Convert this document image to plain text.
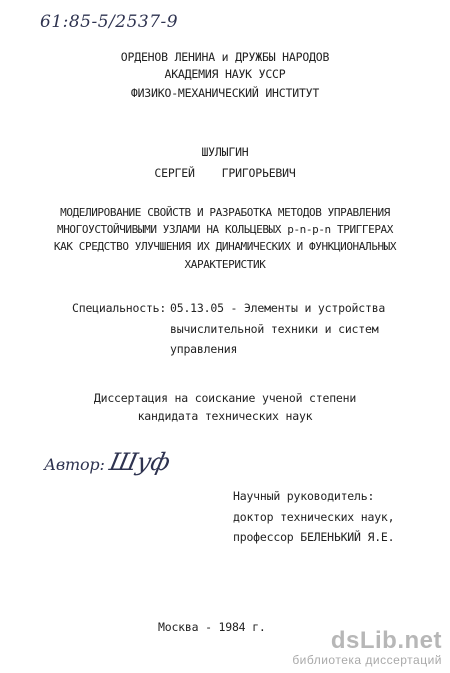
61:85-5/2537-9
ОРДЕНОВ ЛЕНИНА и ДРУЖБЫ НАРОДОВ
АКАДЕМИЯ НАУК УССР
ФИЗИКО-МЕХАНИЧЕСКИЙ ИНСТИТУТ
ШУЛЫГИН
СЕРГЕЙ    ГРИГОРЬЕВИЧ
МОДЕЛИРОВАНИЕ СВОЙСТВ И РАЗРАБОТКА МЕТОДОВ УПРАВЛЕНИЯ
МНОГОУСТОЙЧИВЫМИ УЗЛАМИ НА КОЛЬЦЕВЫХ р-n-р-n ТРИГГЕРАХ
КАК СРЕДСТВО УЛУЧШЕНИЯ ИХ ДИНАМИЧЕСКИХ И ФУНКЦИОНАЛЬНЫХ
ХАРАКТЕРИСТИК
Специальность: 05.13.05 - Элементы и устройства
вычислительной техники и систем
управления
Диссертация на соискание ученой степени
кандидата технических наук
Автор: Шуф
Научный руководитель:
доктор технических наук,
профессор БЕЛЕНЬКИЙ Я.Е.
Москва - 1984 г.	dsLib.net
библиотека диссертаций
